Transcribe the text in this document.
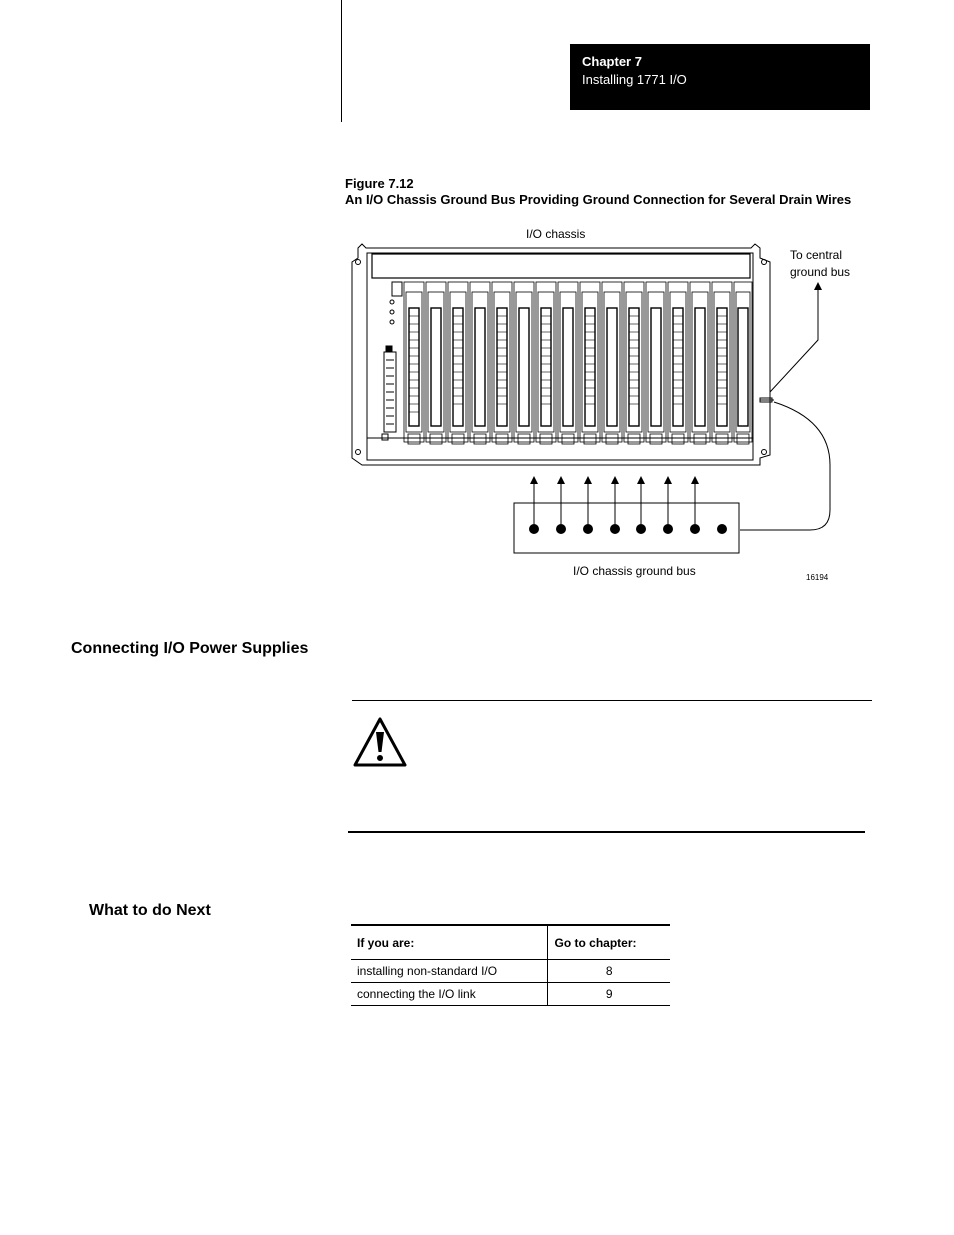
Chapter 7
Installing 1771 I/O
Figure 7.12
An I/O Chassis Ground Bus Providing Ground Connection for Several Drain Wires
I/O chassis
To central
ground bus
I/O chassis ground bus	16194
Connecting I/O Power Supplies
What to do Next
If you are:	Go to chapter:
installing non-standard I/O	8
connecting the I/O link	9
